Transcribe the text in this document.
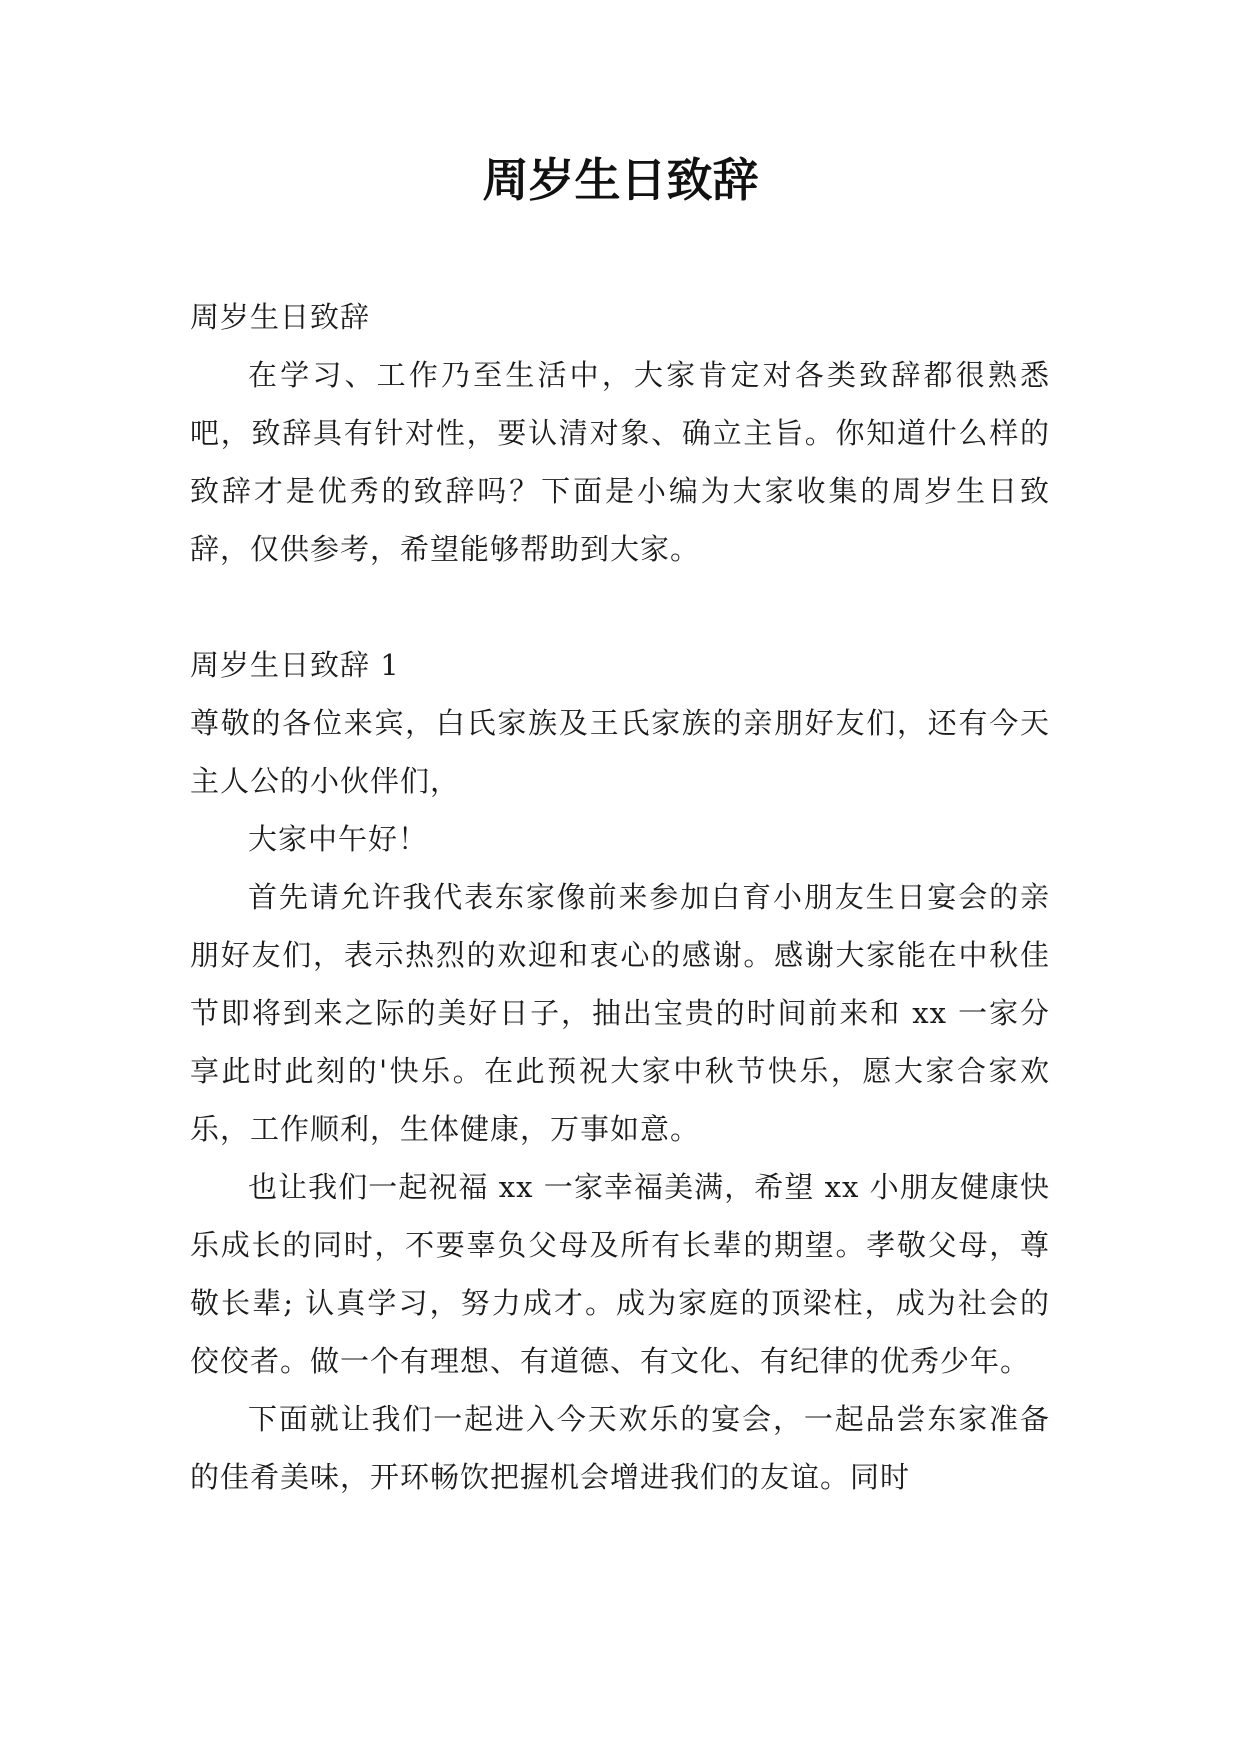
周岁生日致辞

周岁生日致辞

在学习、工作乃至生活中，大家肯定对各类致辞都很熟悉吧，致辞具有针对性，要认清对象、确立主旨。你知道什么样的致辞才是优秀的致辞吗？下面是小编为大家收集的周岁生日致辞，仅供参考，希望能够帮助到大家。

周岁生日致辞 1

尊敬的各位来宾，白氏家族及王氏家族的亲朋好友们，还有今天主人公的小伙伴们，

大家中午好！

首先请允许我代表东家像前来参加白育小朋友生日宴会的亲朋好友们，表示热烈的欢迎和衷心的感谢。感谢大家能在中秋佳节即将到来之际的美好日子，抽出宝贵的时间前来和 xx 一家分享此时此刻的'快乐。在此预祝大家中秋节快乐，愿大家合家欢乐，工作顺利，生体健康，万事如意。

也让我们一起祝福 xx 一家幸福美满，希望 xx 小朋友健康快乐成长的同时，不要辜负父母及所有长辈的期望。孝敬父母，尊敬长辈; 认真学习，努力成才。成为家庭的顶梁柱，成为社会的佼佼者。做一个有理想、有道德、有文化、有纪律的优秀少年。

下面就让我们一起进入今天欢乐的宴会，一起品尝东家准备的佳肴美味，开环畅饮把握机会增进我们的友谊。同时
